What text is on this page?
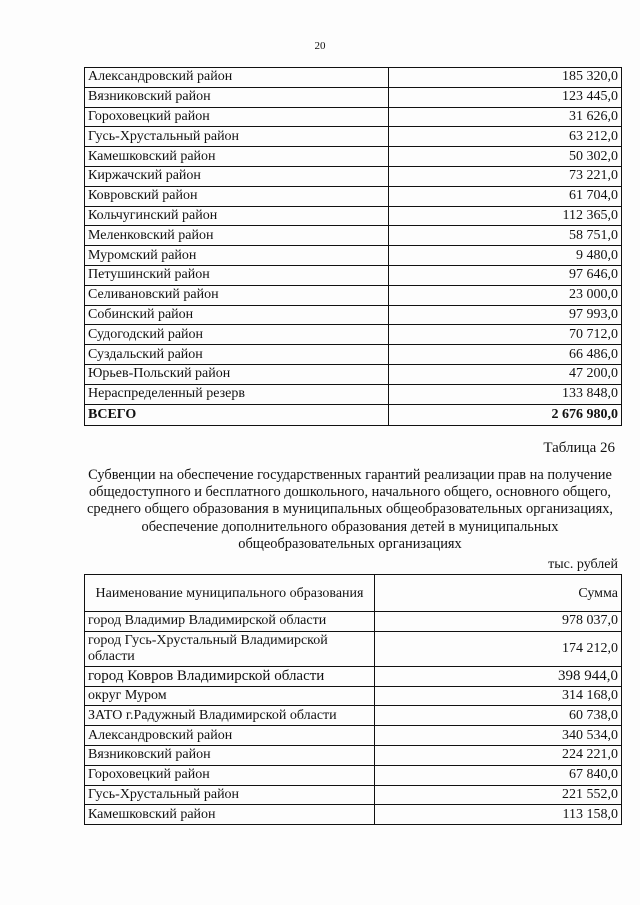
20
Александровский район	185 320,0
Вязниковский район	123 445,0
Гороховецкий район	31 626,0
Гусь-Хрустальный район	63 212,0
Камешковский район	50 302,0
Киржачский район	73 221,0
Ковровский район	61 704,0
Кольчугинский район	112 365,0
Меленковский район	58 751,0
Муромский район	9 480,0
Петушинский район	97 646,0
Селивановский район	23 000,0
Собинский район	97 993,0
Судогодский район	70 712,0
Суздальский район	66 486,0
Юрьев-Польский район	47 200,0
Нераспределенный резерв	133 848,0
ВСЕГО	2 676 980,0
Таблица 26
Субвенции на обеспечение государственных гарантий реализации прав на получение общедоступного и бесплатного дошкольного, начального общего, основного общего, среднего общего образования в муниципальных общеобразовательных организациях, обеспечение дополнительного образования детей в муниципальных общеобразовательных организациях
тыс. рублей
Наименование муниципального образования	Сумма
город Владимир Владимирской области	978 037,0
город Гусь-Хрустальный Владимирской области	174 212,0
город Ковров Владимирской области	398 944,0
округ Муром	314 168,0
ЗАТО г.Радужный Владимирской области	60 738,0
Александровский район	340 534,0
Вязниковский район	224 221,0
Гороховецкий район	67 840,0
Гусь-Хрустальный район	221 552,0
Камешковский район	113 158,0
